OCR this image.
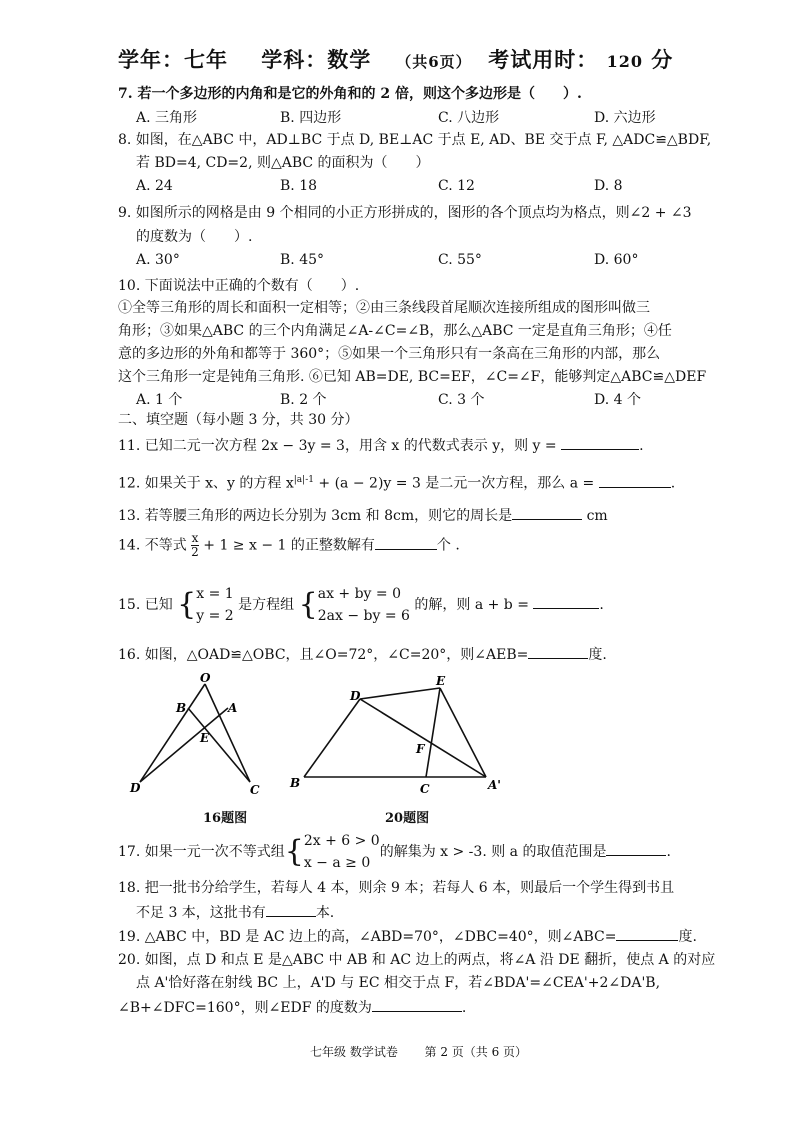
学年：七年 学科：数学 （共6页） 考试用时： 120 分
7. 若一个多边形的内角和是它的外角和的 2 倍，则这个多边形是（　　）.
A. 三角形	B. 四边形	C. 八边形	D. 六边形
8. 如图，在△ABC 中，AD⊥BC 于点 D, BE⊥AC 于点 E, AD、BE 交于点 F, △ADC≌△BDF,
若 BD=4, CD=2, 则△ABC 的面积为（　　）
A. 24	B. 18	C. 12	D. 8
9. 如图所示的网格是由 9 个相同的小正方形拼成的，图形的各个顶点均为格点，则∠2 + ∠3
的度数为（　　）.
A. 30°	B. 45°	C. 55°	D. 60°
10. 下面说法中正确的个数有（　　）.
①全等三角形的周长和面积一定相等；②由三条线段首尾顺次连接所组成的图形叫做三
角形；③如果△ABC 的三个内角满足∠A-∠C=∠B，那么△ABC 一定是直角三角形；④任
意的多边形的外角和都等于 360°；⑤如果一个三角形只有一条高在三角形的内部，那么
这个三角形一定是钝角三角形. ⑥已知 AB=DE, BC=EF，∠C=∠F，能够判定△ABC≌△DEF
A. 1 个	B. 2 个	C. 3 个	D. 4 个
二、填空题（每小题 3 分，共 30 分）
11. 已知二元一次方程 2x − 3y = 3，用含 x 的代数式表示 y，则 y =	.
12. 如果关于 x、y 的方程 $x^{|a|-1} + (a - 2)y = 3$ 是二元一次方程，那么 a =	.
13. 若等腰三角形的两边长分别为 3cm 和 8cm，则它的周长是	cm
14. 不等式 $\frac{x}{2} + 1 \ge x - 1$ 的正整数解有	个 .
15. 已知 { x = 1
y = 2
是方程组 { ax + by = 0
2ax − by = 6
的解，则 a + b =	.
16. 如图，△OAD≌△OBC，且∠O=72°，∠C=20°，则∠AEB=	度.
O
B	A
E
D	C
D
E
F
B	C	A'
16题图	20题图
17. 如果一元一次不等式组{ 2x + 6 > 0
x − a ≥ 0
的解集为 x > -3. 则 a 的取值范围是	.
18. 把一批书分给学生，若每人 4 本，则余 9 本；若每人 6 本，则最后一个学生得到书且
不足 3 本，这批书有	本.
19. △ABC 中，BD 是 AC 边上的高，∠ABD=70°，∠DBC=40°，则∠ABC=	度.
20. 如图，点 D 和点 E 是△ABC 中 AB 和 AC 边上的两点，将∠A 沿 DE 翻折，使点 A 的对应
点 A'恰好落在射线 BC 上，A'D 与 EC 相交于点 F，若∠BDA'=∠CEA'+2∠DA'B,
∠B+∠DFC=160°，则∠EDF 的度数为	.
七年级 数学试卷 第 2 页（共 6 页）
